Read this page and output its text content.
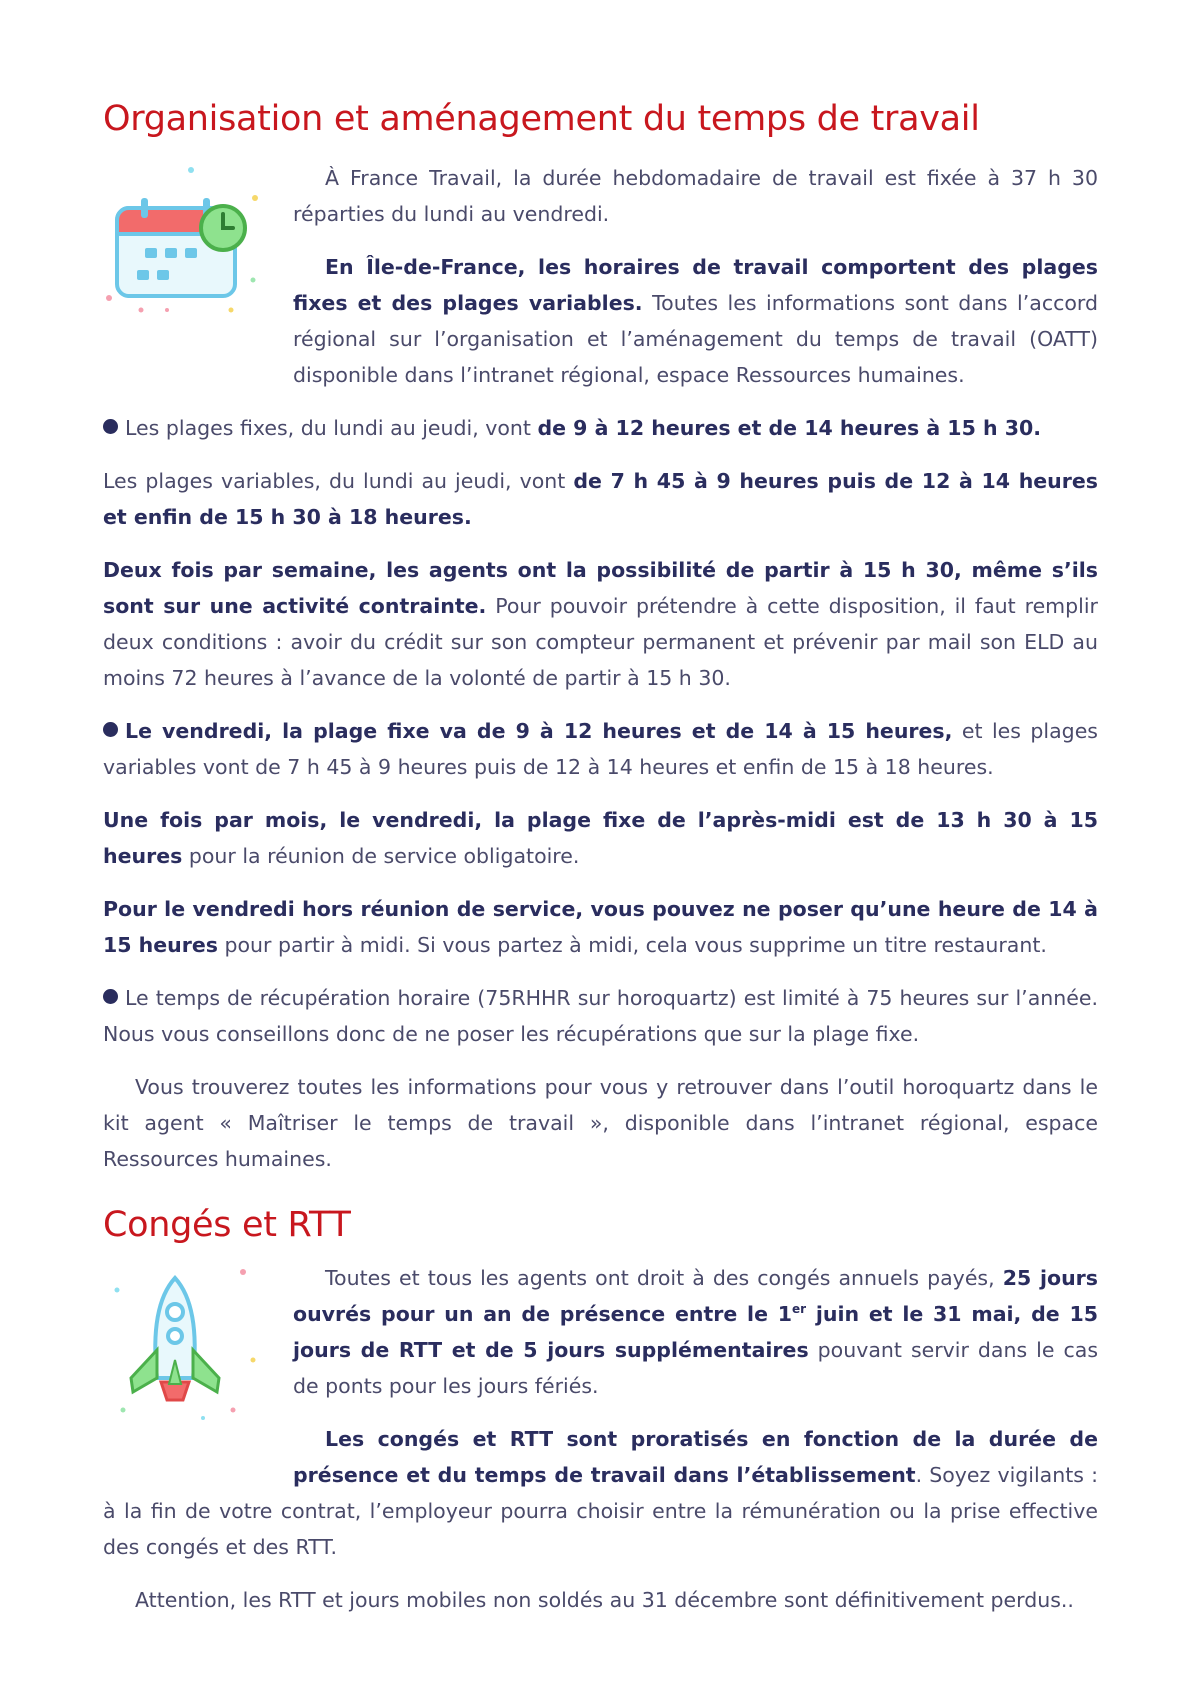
Organisation et aménagement du temps de travail

À France Travail, la durée hebdomadaire de travail est fixée à 37 h 30 réparties du lundi au vendredi.

En Île-de-France, les horaires de travail comportent des plages fixes et des plages variables. Toutes les informations sont dans l’accord régional sur l’organisation et l’aménagement du temps de travail (OATT) disponible dans l’intranet régional, espace Ressources humaines.

Les plages fixes, du lundi au jeudi, vont de 9 à 12 heures et de 14 heures à 15 h 30.

Les plages variables, du lundi au jeudi, vont de 7 h 45 à 9 heures puis de 12 à 14 heures et enfin de 15 h 30 à 18 heures.

Deux fois par semaine, les agents ont la possibilité de partir à 15 h 30, même s’ils sont sur une activité contrainte. Pour pouvoir prétendre à cette disposition, il faut remplir deux conditions : avoir du crédit sur son compteur permanent et prévenir par mail son ELD au moins 72 heures à l’avance de la volonté de partir à 15 h 30.

Le vendredi, la plage fixe va de 9 à 12 heures et de 14 à 15 heures, et les plages variables vont de 7 h 45 à 9 heures puis de 12 à 14 heures et enfin de 15 à 18 heures.

Une fois par mois, le vendredi, la plage fixe de l’après-midi est de 13 h 30 à 15 heures pour la réunion de service obligatoire.

Pour le vendredi hors réunion de service, vous pouvez ne poser qu’une heure de 14 à 15 heures pour partir à midi. Si vous partez à midi, cela vous supprime un titre restaurant.

Le temps de récupération horaire (75RHHR sur horoquartz) est limité à 75 heures sur l’année. Nous vous conseillons donc de ne poser les récupérations que sur la plage fixe.

Vous trouverez toutes les informations pour vous y retrouver dans l’outil horoquartz dans le kit agent « Maîtriser le temps de travail », disponible dans l’intranet régional, espace Ressources humaines.

Congés et RTT

Toutes et tous les agents ont droit à des congés annuels payés, 25 jours ouvrés pour un an de présence entre le 1er juin et le 31 mai, de 15 jours de RTT et de 5 jours supplémentaires pouvant servir dans le cas de ponts pour les jours fériés.

Les congés et RTT sont proratisés en fonction de la durée de présence et du temps de travail dans l’établissement. Soyez vigilants : à la fin de votre contrat, l’employeur pourra choisir entre la rémunération ou la prise effective des congés et des RTT.

Attention, les RTT et jours mobiles non soldés au 31 décembre sont définitivement perdus..
